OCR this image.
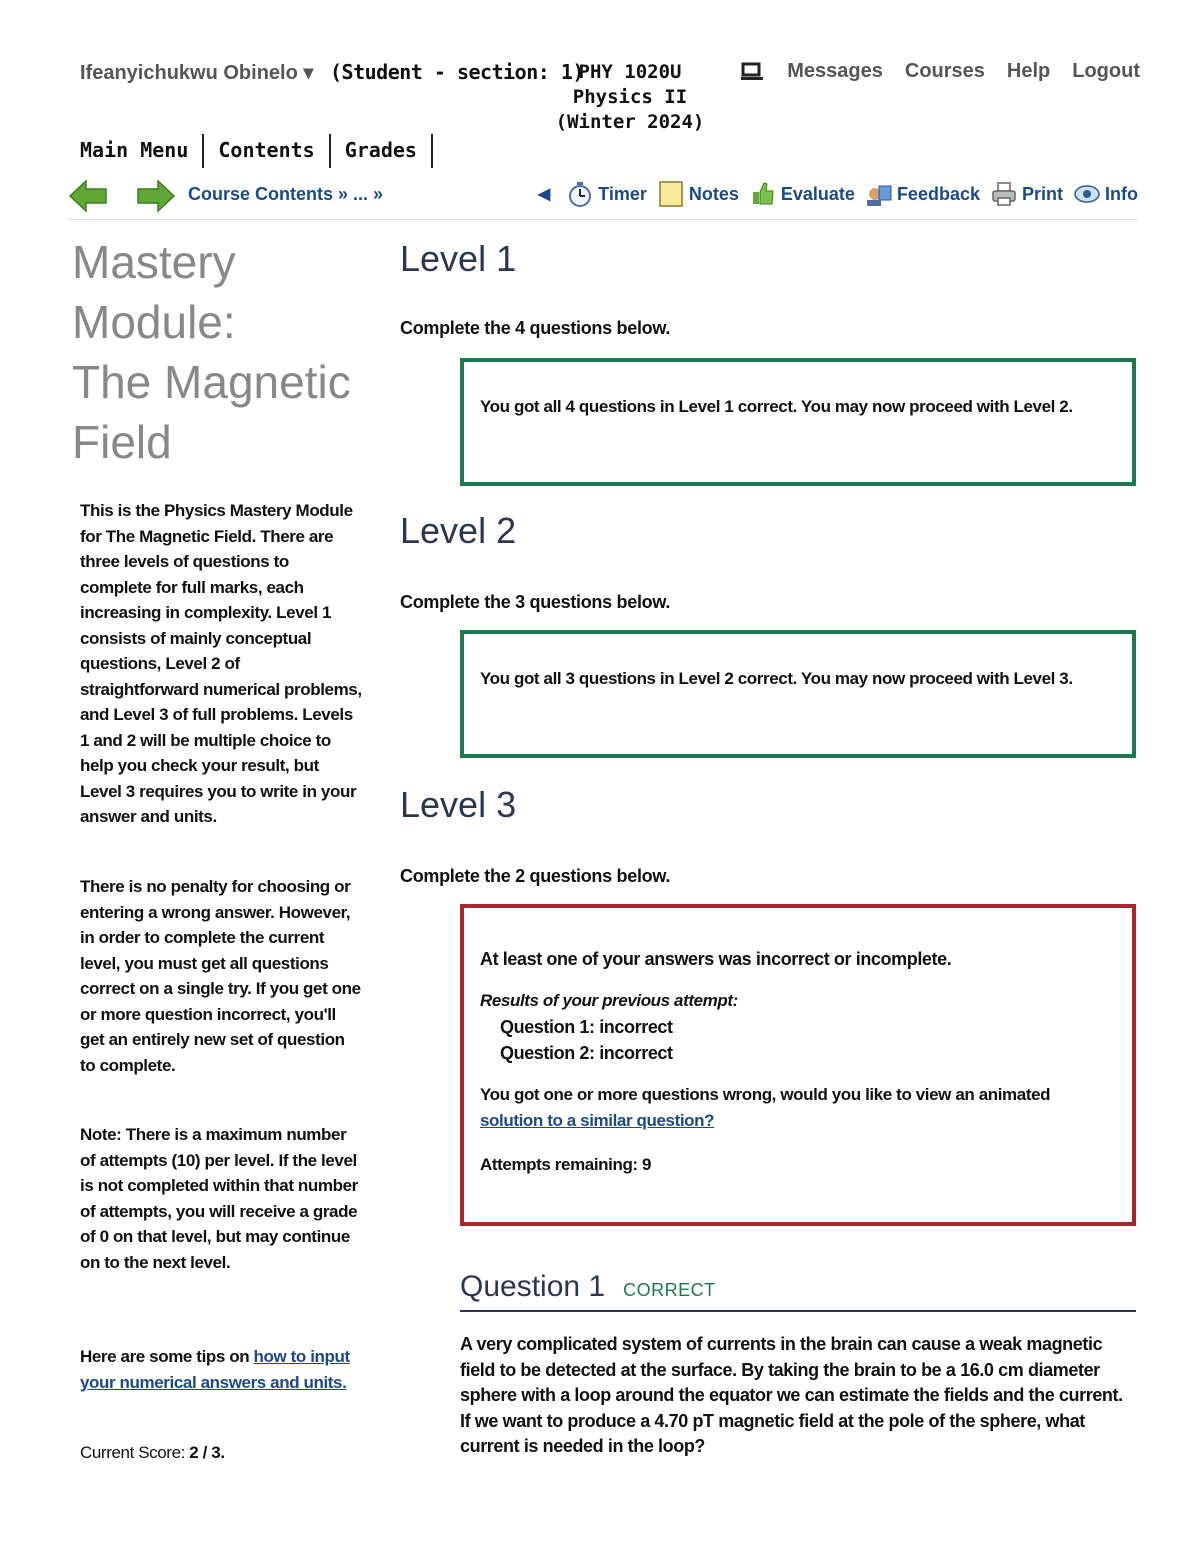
Ifeanyichukwu Obinelo ▾ (Student - section: 1)
PHY 1020U
Physics II
(Winter 2024)
Messages Courses Help Logout
Main Menu	Contents	Grades
Course Contents » ... »	◀	Timer Notes Evaluate Feedback Print Info
Mastery
Module:
The Magnetic
Field

This is the Physics Mastery Module for The Magnetic Field. There are three levels of questions to complete for full marks, each increasing in complexity. Level 1 consists of mainly conceptual questions, Level 2 of straightforward numerical problems, and Level 3 of full problems. Levels 1 and 2 will be multiple choice to help you check your result, but Level 3 requires you to write in your answer and units.

There is no penalty for choosing or entering a wrong answer. However, in order to complete the current level, you must get all questions correct on a single try. If you get one or more question incorrect, you'll get an entirely new set of question to complete.

Note: There is a maximum number of attempts (10) per level. If the level is not completed within that number of attempts, you will receive a grade of 0 on that level, but may continue on to the next level.

Here are some tips on how to input your numerical answers and units.

Current Score: 2 / 3.

Level 1
Complete the 4 questions below.
You got all 4 questions in Level 1 correct. You may now proceed with Level 2.
Level 2
Complete the 3 questions below.
You got all 3 questions in Level 2 correct. You may now proceed with Level 3.
Level 3
Complete the 2 questions below.
At least one of your answers was incorrect or incomplete.
Results of your previous attempt:
Question 1: incorrect
Question 2: incorrect
You got one or more questions wrong, would you like to view an animated solution to a similar question?
Attempts remaining: 9
Question 1 CORRECT
A very complicated system of currents in the brain can cause a weak magnetic field to be detected at the surface. By taking the brain to be a 16.0 cm diameter sphere with a loop around the equator we can estimate the fields and the current. If we want to produce a 4.70 pT magnetic field at the pole of the sphere, what current is needed in the loop?
